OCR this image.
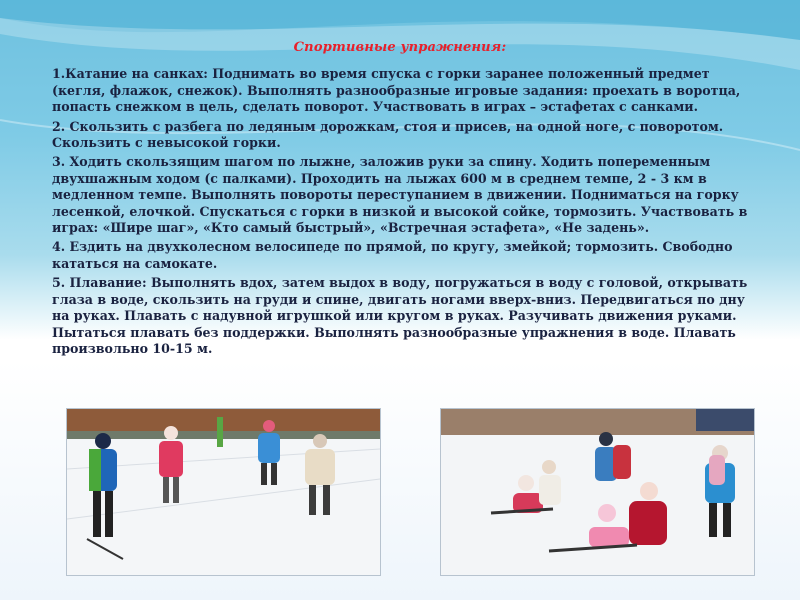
Спортивные упражнения:

1.Катание на санках: Поднимать во время спуска с горки заранее положенный предмет (кегля, флажок, снежок). Выполнять разнообразные игровые задания: проехать в воротца, попасть снежком в цель, сделать поворот. Участвовать в играх – эстафетах с санками.

2. Скользить с разбега по ледяным дорожкам, стоя и присев, на одной ноге, с поворотом. Скользить с невысокой горки.

3. Ходить скользящим шагом по лыжне, заложив руки за спину. Ходить попеременным двухшажным ходом (с палками). Проходить на лыжах 600 м в среднем темпе, 2 - 3 км в медленном темпе. Выполнять повороты переступанием в движении. Подниматься на горку лесенкой, елочкой. Спускаться с горки в низкой и высокой сойке, тормозить. Участвовать в играх: «Шире шаг», «Кто самый быстрый», «Встречная эстафета», «Не задень».

4. Ездить на двухколесном велосипеде по прямой, по кругу, змейкой; тормозить. Свободно кататься на самокате.

5. Плавание: Выполнять вдох, затем выдох в воду, погружаться в воду с головой, открывать глаза в воде, скользить на груди и спине, двигать ногами вверх-вниз. Передвигаться по дну на руках. Плавать с надувной игрушкой или кругом в руках. Разучивать движения руками. Пытаться плавать без поддержки. Выполнять разнообразные упражнения в воде. Плавать произвольно 10-15 м.
